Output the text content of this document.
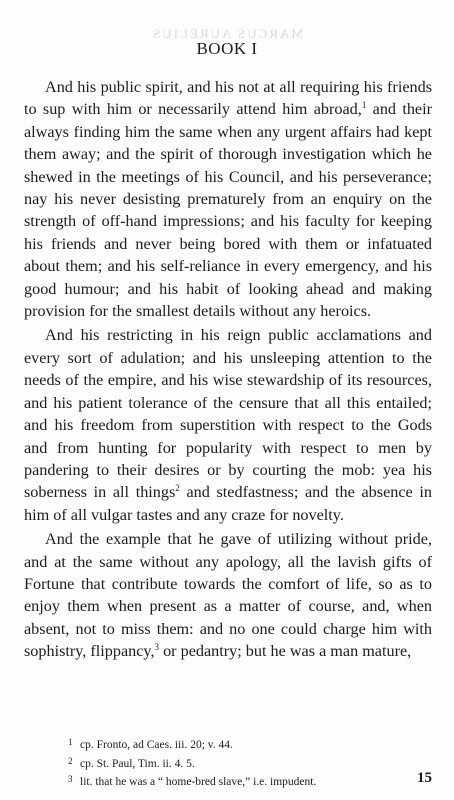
MARCUS AURELIUS
BOOK I

And his public spirit, and his not at all requiring his friends to sup with him or necessarily attend him abroad,$^1$ and their always finding him the same when any urgent affairs had kept them away; and the spirit of thorough investigation which he shewed in the meetings of his Council, and his perseverance; nay his never desisting prematurely from an enquiry on the strength of off-hand impressions; and his faculty for keeping his friends and never being bored with them or infatuated about them; and his self-reliance in every emergency, and his good humour; and his habit of looking ahead and making provision for the smallest details without any heroics.

And his restricting in his reign public acclamations and every sort of adulation; and his unsleeping attention to the needs of the empire, and his wise stewardship of its resources, and his patient tolerance of the censure that all this entailed; and his freedom from superstition with respect to the Gods and from hunting for popularity with respect to men by pandering to their desires or by courting the mob: yea his soberness in all things$^2$ and stedfastness; and the absence in him of all vulgar tastes and any craze for novelty.

And the example that he gave of utilizing without pride, and at the same without any apology, all the lavish gifts of Fortune that contribute towards the comfort of life, so as to enjoy them when present as a matter of course, and, when absent, not to miss them: and no one could charge him with sophistry, flippancy,$^3$ or pedantry; but he was a man mature,

1 cp. Fronto, ad Caes. iii. 20; v. 44.
2 cp. St. Paul, Tim. ii. 4. 5.
3 lit. that he was a “ home-bred slave,” i.e. impudent.	15
